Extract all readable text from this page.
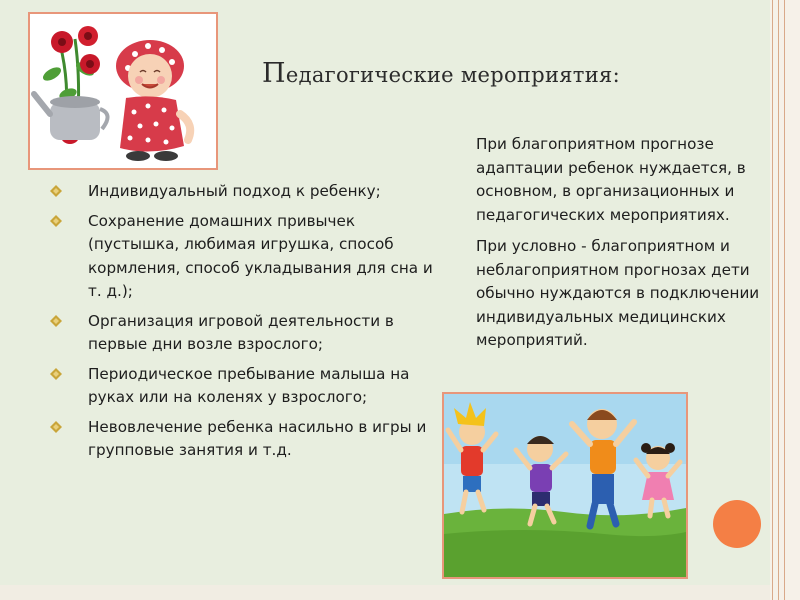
Педагогические мероприятия:
Индивидуальный подход к ребенку;
Сохранение домашних привычек (пустышка, любимая игрушка, способ кормления, способ укладывания для сна и т. д.);
Организация игровой деятельности в первые дни возле взрослого;
Периодическое пребывание малыша на руках или на коленях у взрослого;
Невовлечение ребенка насильно в игры и групповые занятия и т.д.

При благоприятном прогнозе адаптации ребенок нуждается, в основном, в организационных и педагогических мероприятиях.

При условно - благоприятном и неблагоприятном прогнозах дети обычно нуждаются в подключении индивидуальных медицинских мероприятий.
